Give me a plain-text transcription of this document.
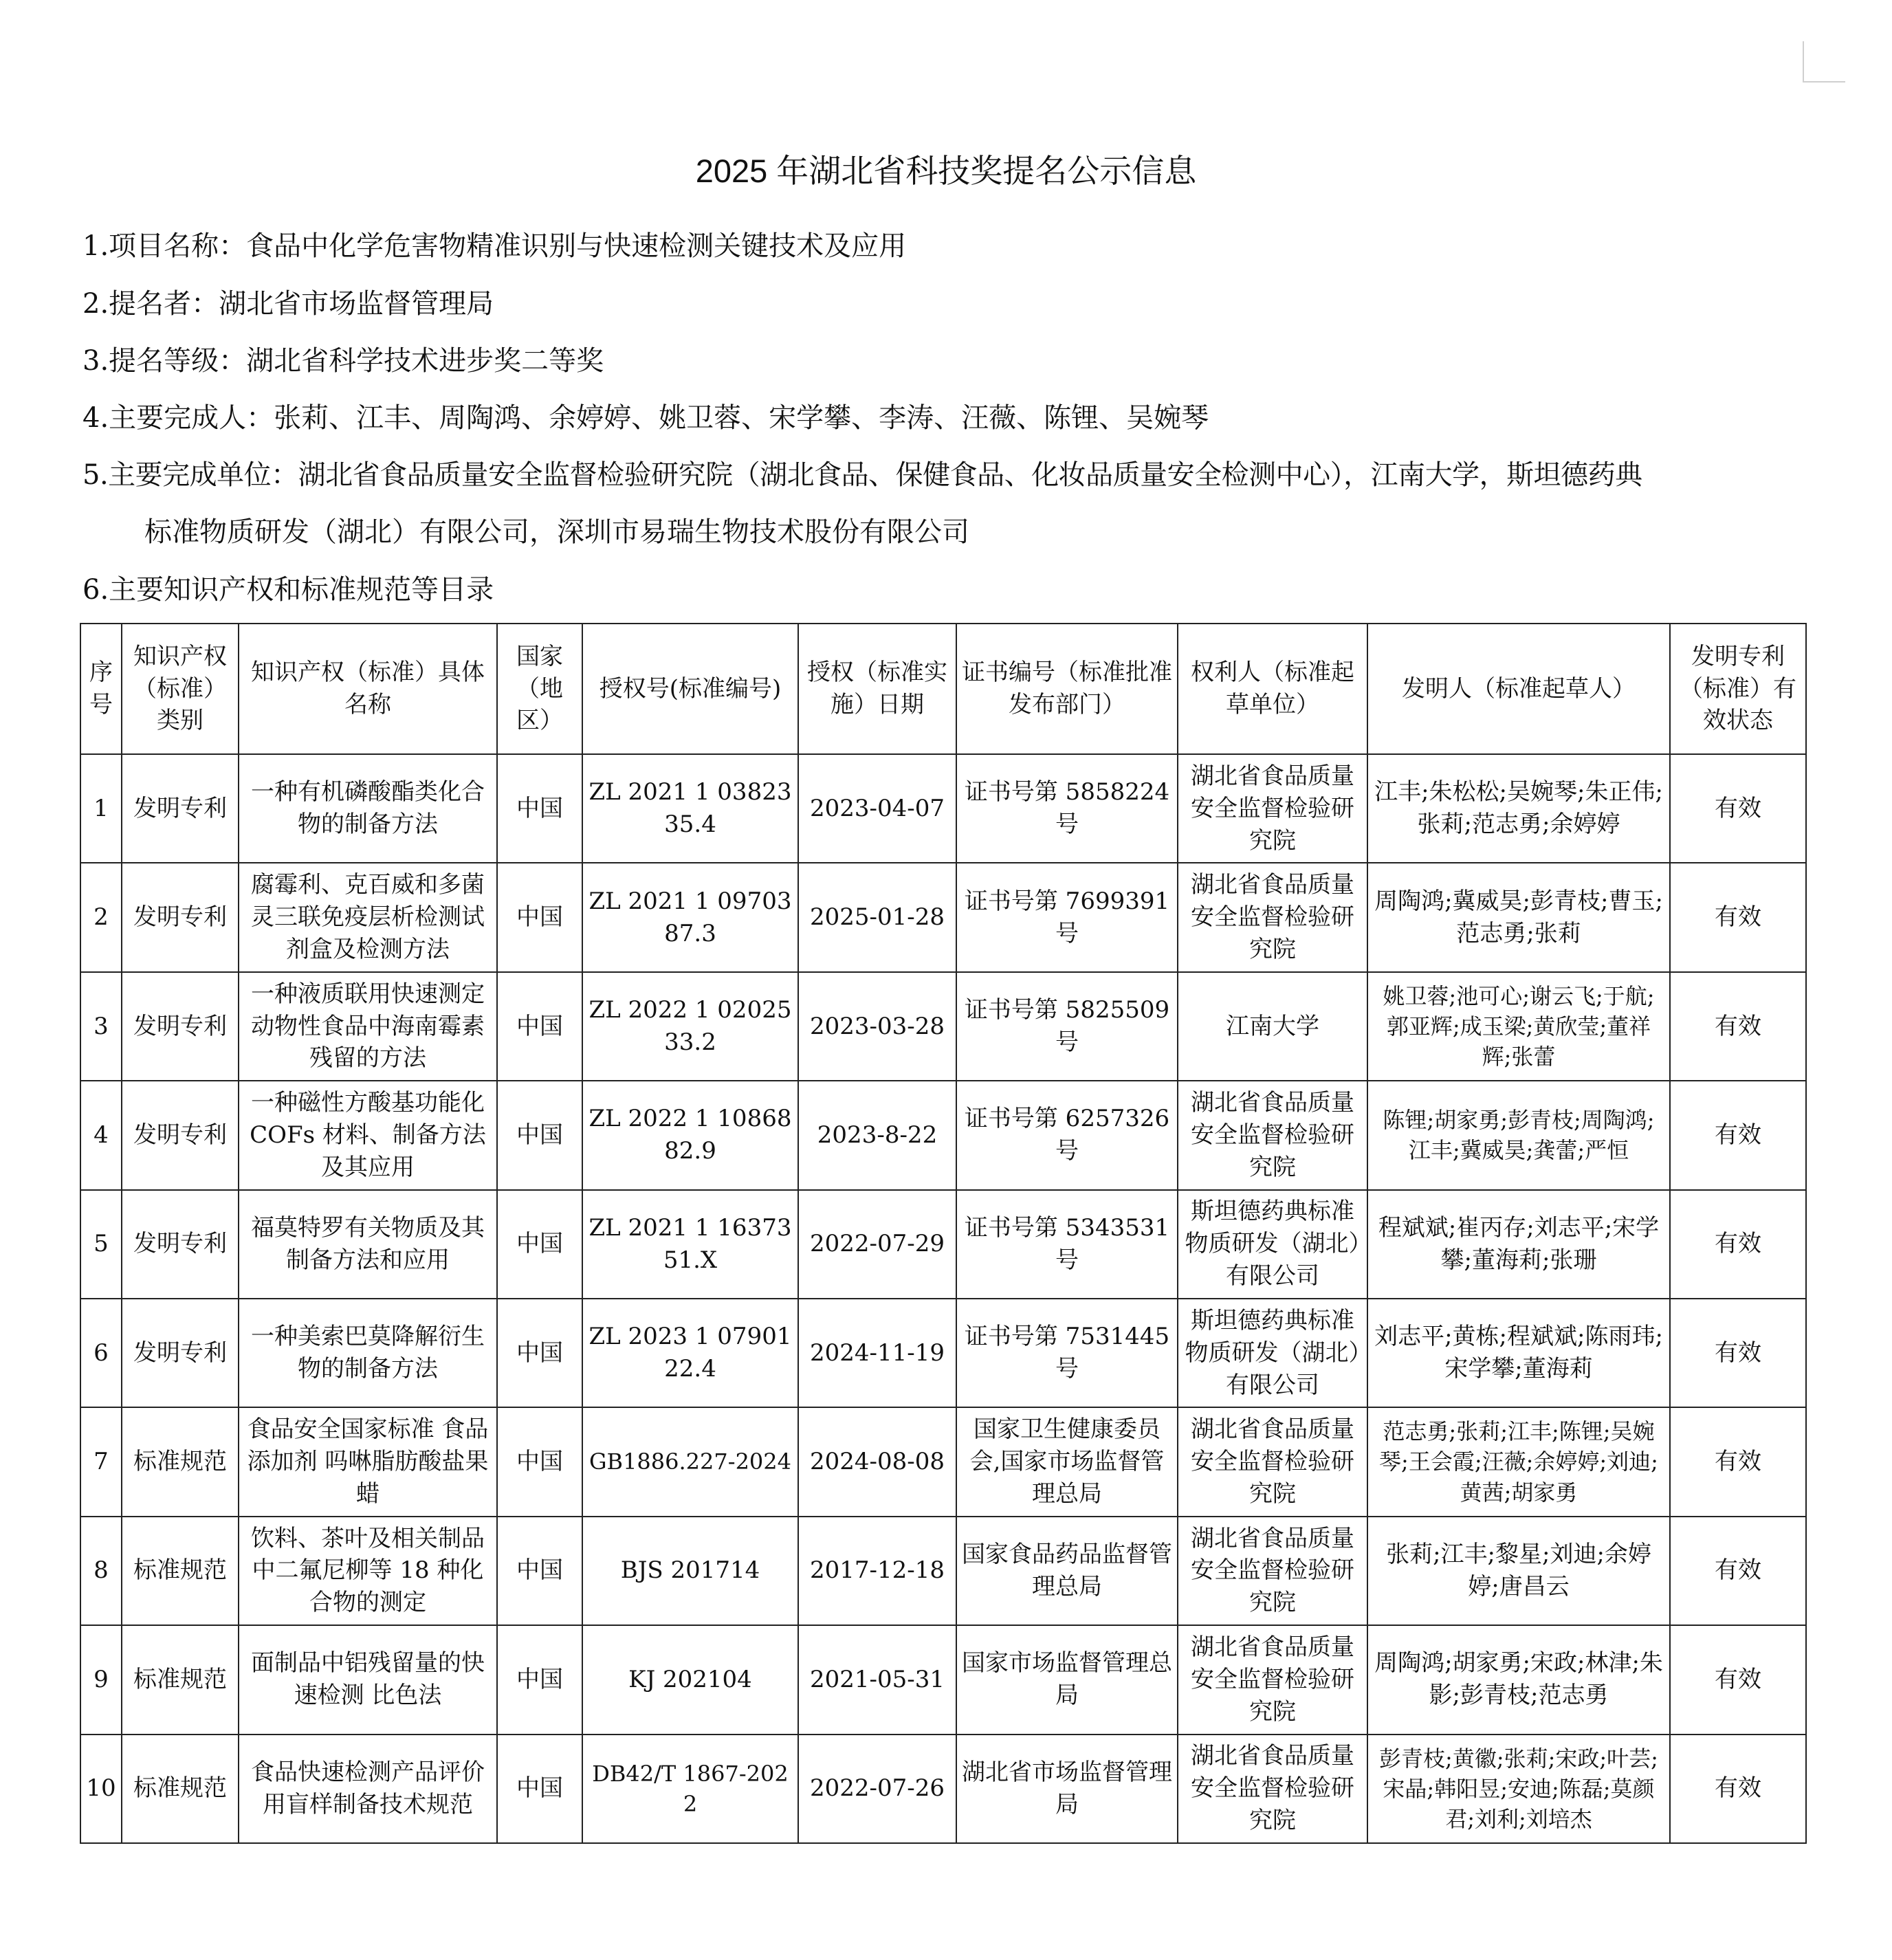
2025 年湖北省科技奖提名公示信息
1.项目名称：食品中化学危害物精准识别与快速检测关键技术及应用
2.提名者：湖北省市场监督管理局
3.提名等级：湖北省科学技术进步奖二等奖
4.主要完成人：张莉、江丰、周陶鸿、余婷婷、姚卫蓉、宋学攀、李涛、汪薇、陈锂、吴婉琴
5.主要完成单位：湖北省食品质量安全监督检验研究院（湖北食品、保健食品、化妆品质量安全检测中心），江南大学，斯坦德药典
标准物质研发（湖北）有限公司，深圳市易瑞生物技术股份有限公司
6.主要知识产权和标准规范等目录
序号	知识产权（标准）类别	知识产权（标准）具体名称	国家（地区）	授权号(标准编号)	授权（标准实施）日期	证书编号（标准批准发布部门）	权利人（标准起草单位）	发明人（标准起草人）	发明专利（标准）有效状态
1	发明专利	一种有机磷酸酯类化合物的制备方法	中国	ZL 2021 1 0382335.4	2023-04-07	证书号第 5858224 号	湖北省食品质量安全监督检验研究院	江丰;朱松松;吴婉琴;朱正伟;张莉;范志勇;余婷婷	有效
2	发明专利	腐霉利、克百威和多菌灵三联免疫层析检测试剂盒及检测方法	中国	ZL 2021 1 0970387.3	2025-01-28	证书号第 7699391 号	湖北省食品质量安全监督检验研究院	周陶鸿;冀威昊;彭青枝;曹玉;范志勇;张莉	有效
3	发明专利	一种液质联用快速测定动物性食品中海南霉素残留的方法	中国	ZL 2022 1 0202533.2	2023-03-28	证书号第 5825509 号	江南大学	姚卫蓉;池可心;谢云飞;于航;郭亚辉;成玉梁;黄欣莹;董祥辉;张蕾	有效
4	发明专利	一种磁性方酸基功能化 COFs 材料、制备方法及其应用	中国	ZL 2022 1 1086882.9	2023-8-22	证书号第 6257326 号	湖北省食品质量安全监督检验研究院	陈锂;胡家勇;彭青枝;周陶鸿;江丰;冀威昊;龚蕾;严恒	有效
5	发明专利	福莫特罗有关物质及其制备方法和应用	中国	ZL 2021 1 1637351.X	2022-07-29	证书号第 5343531 号	斯坦德药典标准物质研发（湖北）有限公司	程斌斌;崔丙存;刘志平;宋学攀;董海莉;张珊	有效
6	发明专利	一种美索巴莫降解衍生物的制备方法	中国	ZL 2023 1 0790122.4	2024-11-19	证书号第 7531445 号	斯坦德药典标准物质研发（湖北）有限公司	刘志平;黄栋;程斌斌;陈雨玮;宋学攀;董海莉	有效
7	标准规范	食品安全国家标准 食品添加剂 吗啉脂肪酸盐果蜡	中国	GB1886.227-2024	2024-08-08	国家卫生健康委员会,国家市场监督管理总局	湖北省食品质量安全监督检验研究院	范志勇;张莉;江丰;陈锂;吴婉琴;王会霞;汪薇;余婷婷;刘迪;黄茜;胡家勇	有效
8	标准规范	饮料、茶叶及相关制品中二氟尼柳等 18 种化合物的测定	中国	BJS 201714	2017-12-18	国家食品药品监督管理总局	湖北省食品质量安全监督检验研究院	张莉;江丰;黎星;刘迪;余婷婷;唐昌云	有效
9	标准规范	面制品中铝残留量的快速检测 比色法	中国	KJ 202104	2021-05-31	国家市场监督管理总局	湖北省食品质量安全监督检验研究院	周陶鸿;胡家勇;宋政;林津;朱影;彭青枝;范志勇	有效
10	标准规范	食品快速检测产品评价用盲样制备技术规范	中国	DB42/T 1867-2022	2022-07-26	湖北省市场监督管理局	湖北省食品质量安全监督检验研究院	彭青枝;黄徽;张莉;宋政;叶芸;宋晶;韩阳昱;安迪;陈磊;莫颜君;刘利;刘培杰	有效
